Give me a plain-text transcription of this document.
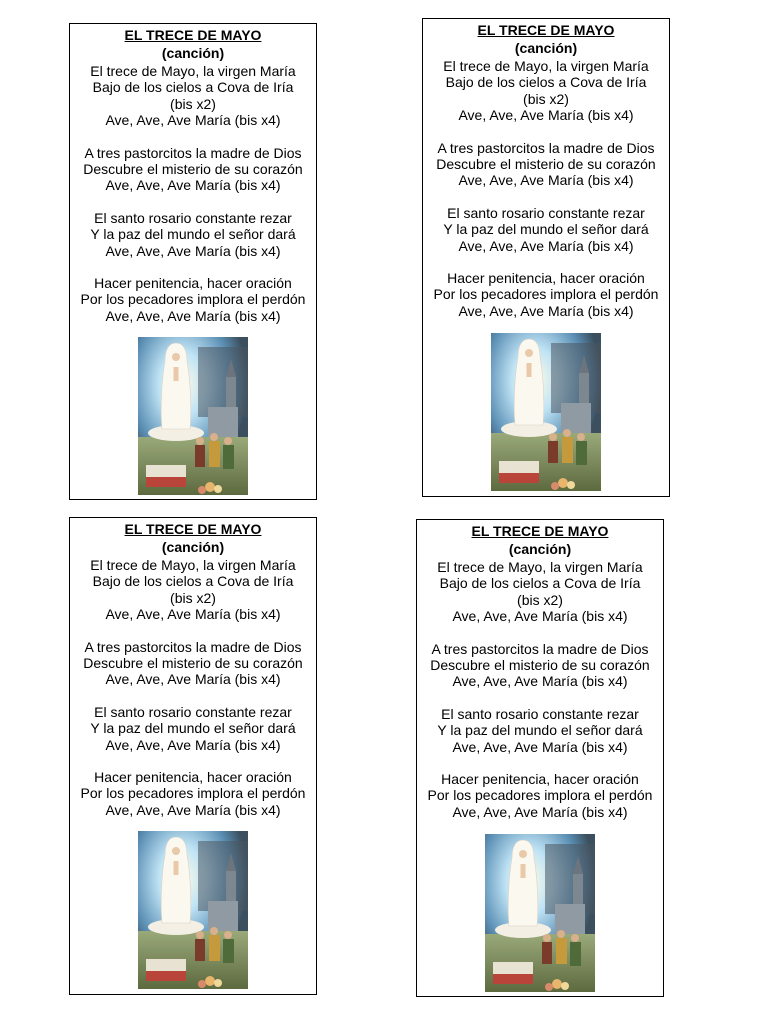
EL TRECE DE MAYO
(canción)
El trece de Mayo, la virgen María
Bajo de los cielos a Cova de Iría
(bis x2)
Ave, Ave, Ave María (bis x4)
A tres pastorcitos la madre de Dios
Descubre el misterio de su corazón
Ave, Ave, Ave María (bis x4)
El santo rosario constante rezar
Y la paz del mundo el señor dará
Ave, Ave, Ave María (bis x4)
Hacer penitencia, hacer oración
Por los pecadores implora el perdón
Ave, Ave, Ave María (bis x4)
EL TRECE DE MAYO
(canción)
El trece de Mayo, la virgen María
Bajo de los cielos a Cova de Iría
(bis x2)
Ave, Ave, Ave María (bis x4)
A tres pastorcitos la madre de Dios
Descubre el misterio de su corazón
Ave, Ave, Ave María (bis x4)
El santo rosario constante rezar
Y la paz del mundo el señor dará
Ave, Ave, Ave María (bis x4)
Hacer penitencia, hacer oración
Por los pecadores implora el perdón
Ave, Ave, Ave María (bis x4)
EL TRECE DE MAYO
(canción)
El trece de Mayo, la virgen María
Bajo de los cielos a Cova de Iría
(bis x2)
Ave, Ave, Ave María (bis x4)
A tres pastorcitos la madre de Dios
Descubre el misterio de su corazón
Ave, Ave, Ave María (bis x4)
El santo rosario constante rezar
Y la paz del mundo el señor dará
Ave, Ave, Ave María (bis x4)
Hacer penitencia, hacer oración
Por los pecadores implora el perdón
Ave, Ave, Ave María (bis x4)
EL TRECE DE MAYO
(canción)
El trece de Mayo, la virgen María
Bajo de los cielos a Cova de Iría
(bis x2)
Ave, Ave, Ave María (bis x4)
A tres pastorcitos la madre de Dios
Descubre el misterio de su corazón
Ave, Ave, Ave María (bis x4)
El santo rosario constante rezar
Y la paz del mundo el señor dará
Ave, Ave, Ave María (bis x4)
Hacer penitencia, hacer oración
Por los pecadores implora el perdón
Ave, Ave, Ave María (bis x4)
